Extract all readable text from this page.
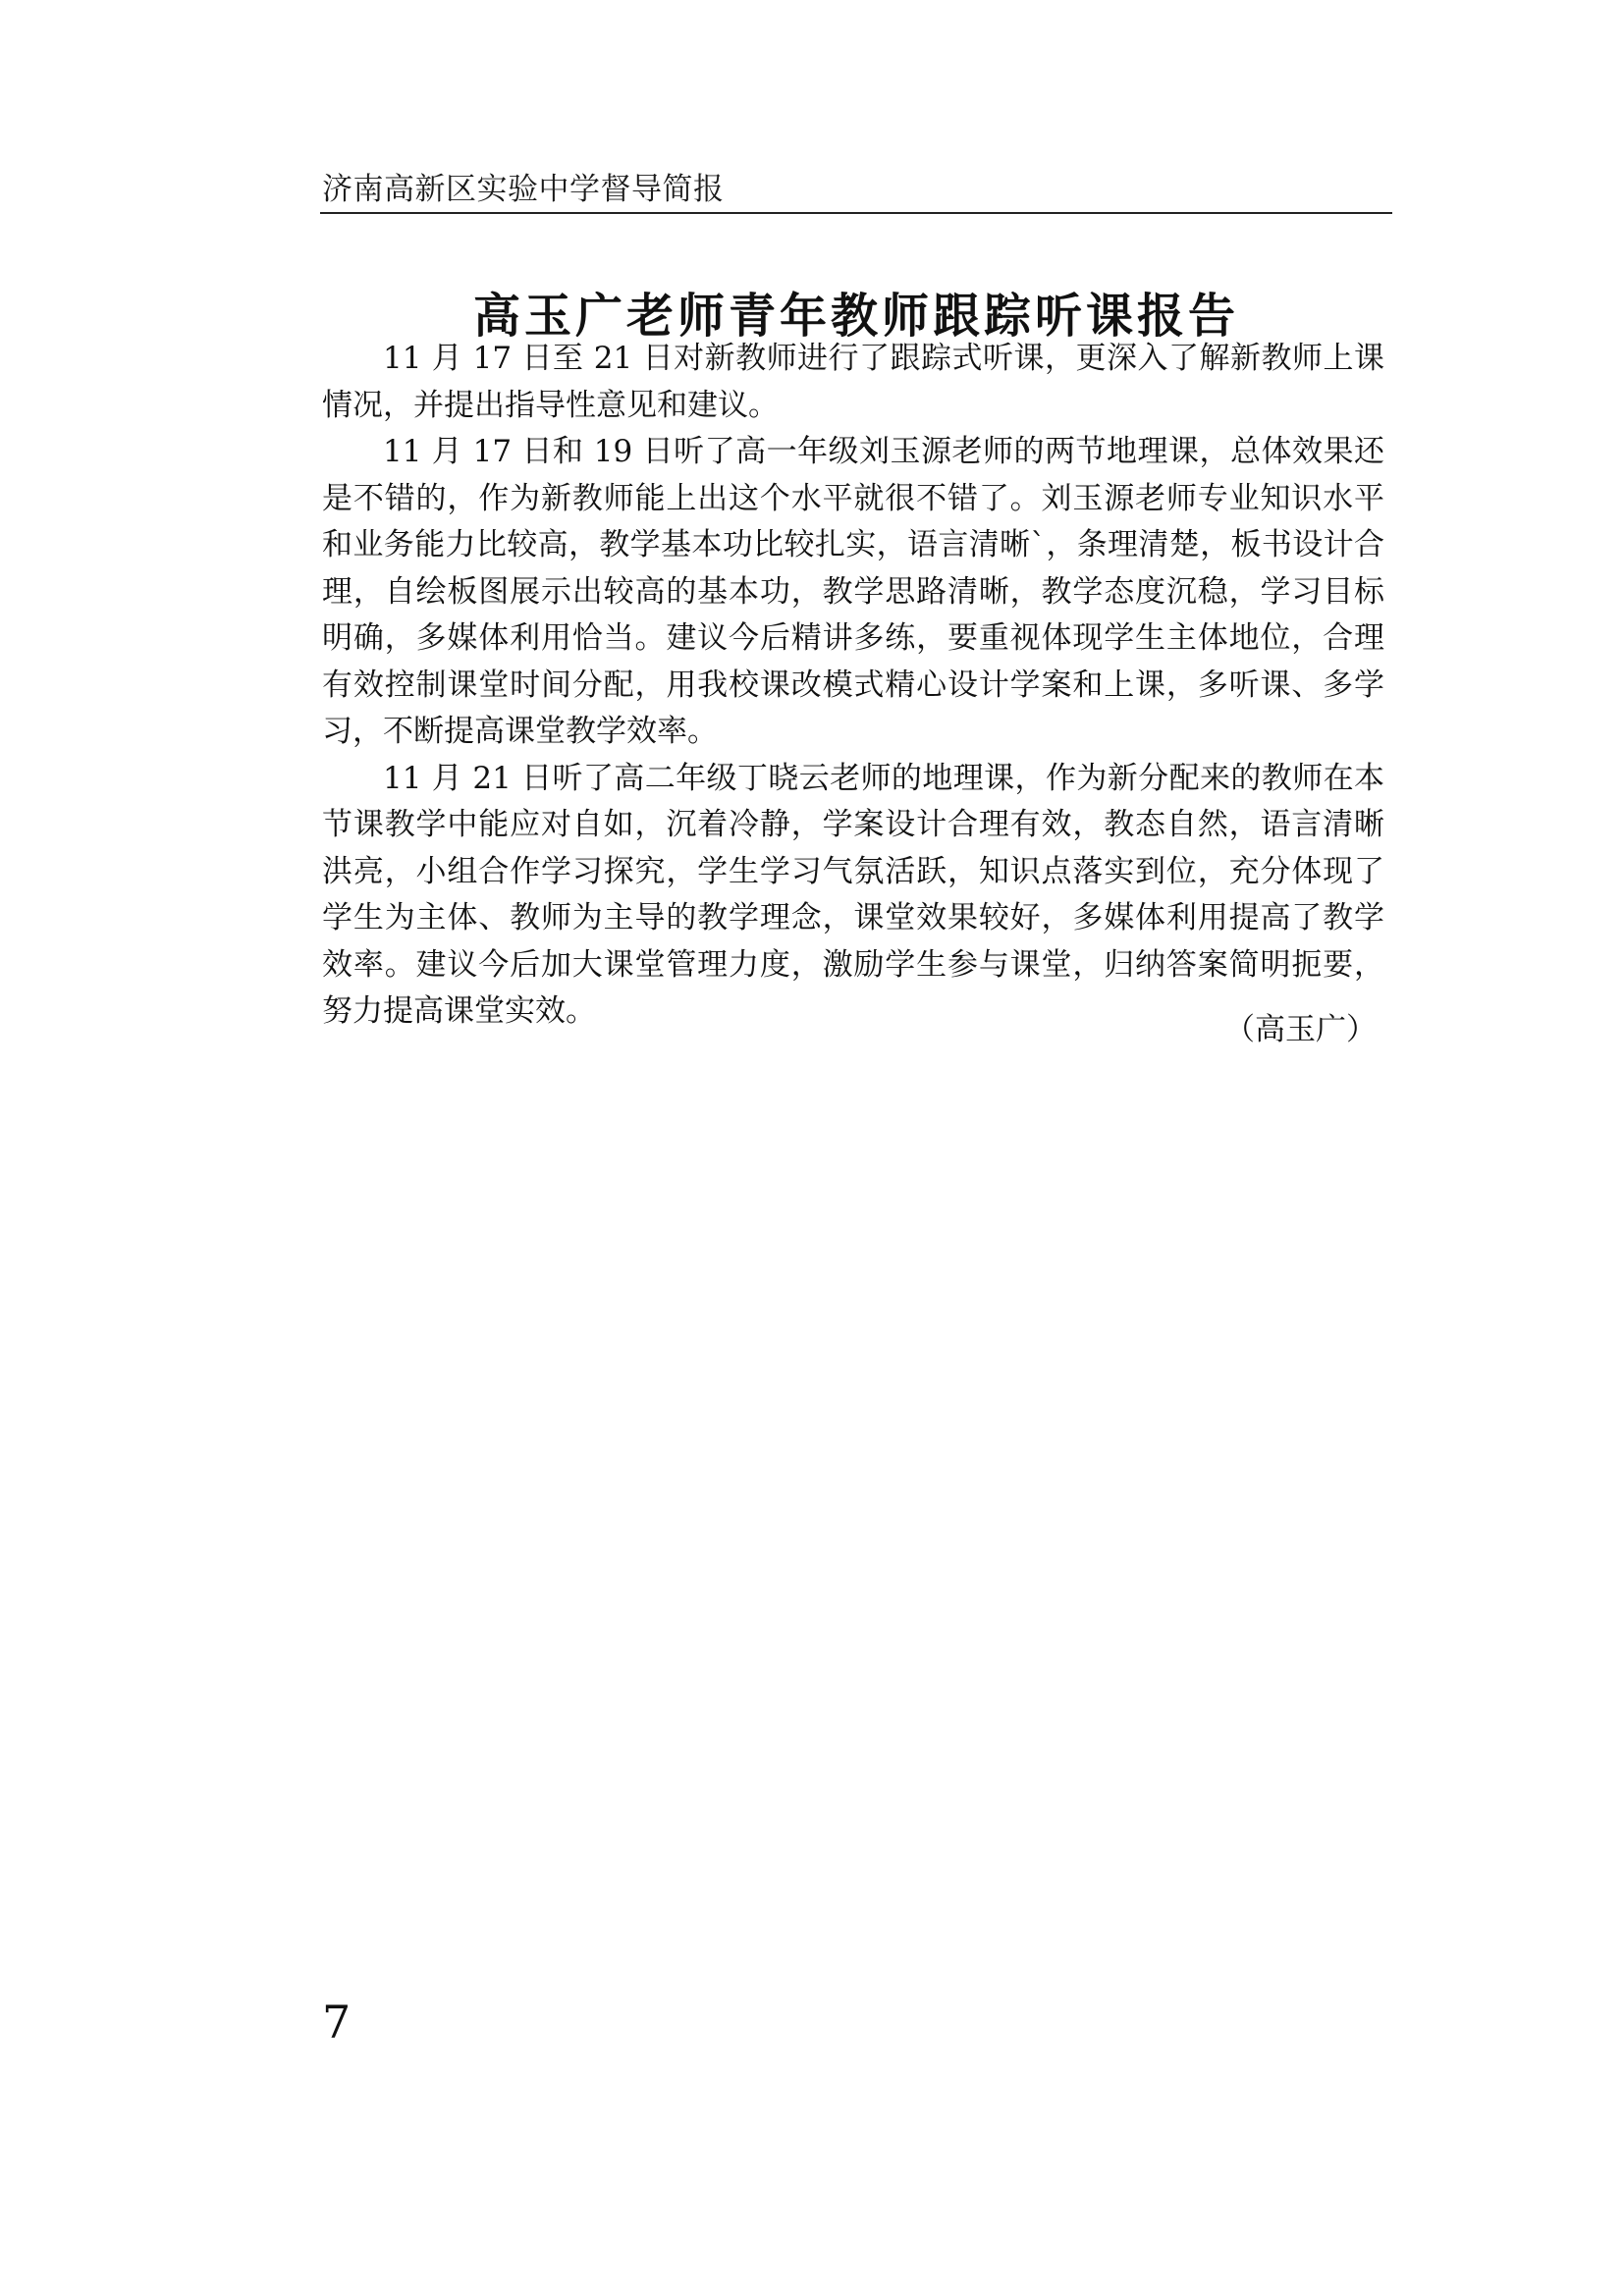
济南高新区实验中学督导简报
高玉广老师青年教师跟踪听课报告

11 月 17 日至 21 日对新教师进行了跟踪式听课，更深入了解新教师上课情况，并提出指导性意见和建议。

11 月 17 日和 19 日听了高一年级刘玉源老师的两节地理课，总体效果还是不错的，作为新教师能上出这个水平就很不错了。刘玉源老师专业知识水平和业务能力比较高，教学基本功比较扎实，语言清晰`，条理清楚，板书设计合理，自绘板图展示出较高的基本功，教学思路清晰，教学态度沉稳，学习目标明确，多媒体利用恰当。建议今后精讲多练，要重视体现学生主体地位，合理有效控制课堂时间分配，用我校课改模式精心设计学案和上课，多听课、多学习，不断提高课堂教学效率。

11 月 21 日听了高二年级丁晓云老师的地理课，作为新分配来的教师在本节课教学中能应对自如，沉着冷静，学案设计合理有效，教态自然，语言清晰洪亮，小组合作学习探究，学生学习气氛活跃，知识点落实到位，充分体现了学生为主体、教师为主导的教学理念，课堂效果较好，多媒体利用提高了教学效率。建议今后加大课堂管理力度，激励学生参与课堂，归纳答案简明扼要，努力提高课堂实效。

（高玉广）
7
